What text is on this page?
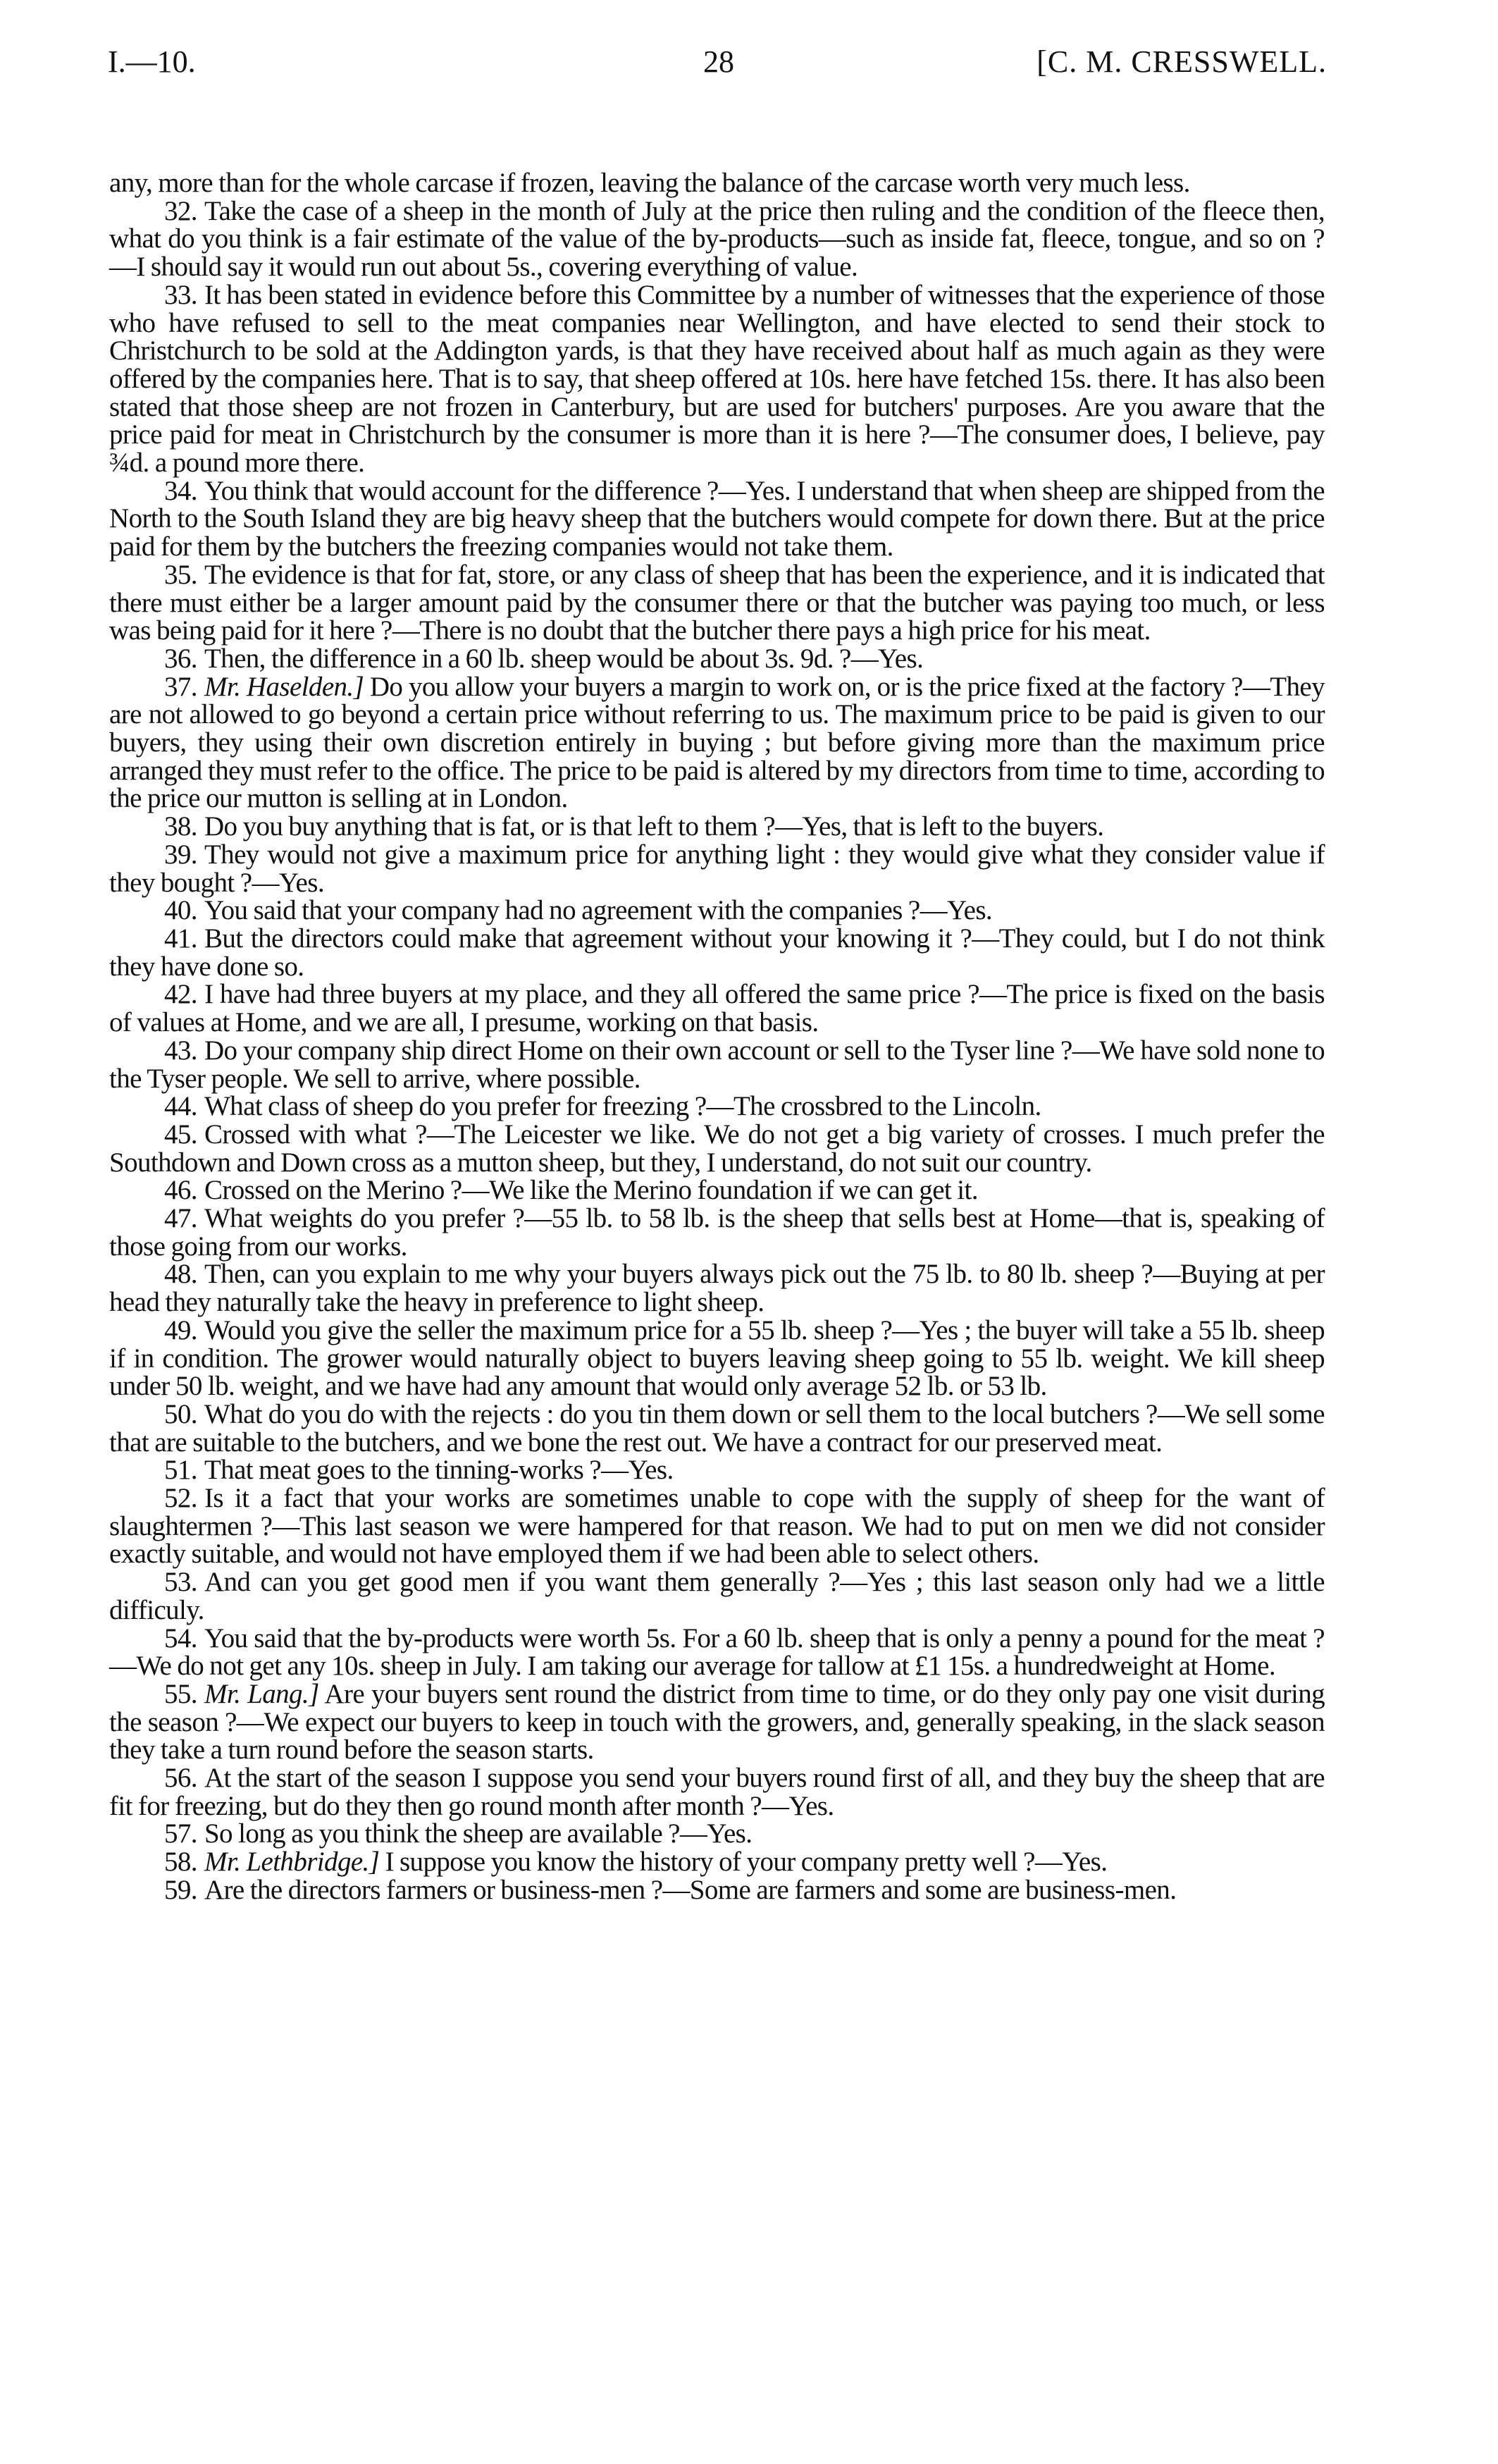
I.—10.	28	[C. M. CRESSWELL.

any, more than for the whole carcase if frozen, leaving the balance of the carcase worth very much less.

32. Take the case of a sheep in the month of July at the price then ruling and the condition of the fleece then, what do you think is a fair estimate of the value of the by-products—such as inside fat, fleece, tongue, and so on ?—I should say it would run out about 5s., covering everything of value.

33. It has been stated in evidence before this Committee by a number of witnesses that the experience of those who have refused to sell to the meat companies near Wellington, and have elected to send their stock to Christchurch to be sold at the Addington yards, is that they have received about half as much again as they were offered by the companies here. That is to say, that sheep offered at 10s. here have fetched 15s. there. It has also been stated that those sheep are not frozen in Canterbury, but are used for butchers' purposes. Are you aware that the price paid for meat in Christchurch by the consumer is more than it is here ?—The consumer does, I believe, pay ¾d. a pound more there.

34. You think that would account for the difference ?—Yes. I understand that when sheep are shipped from the North to the South Island they are big heavy sheep that the butchers would compete for down there. But at the price paid for them by the butchers the freezing companies would not take them.

35. The evidence is that for fat, store, or any class of sheep that has been the experience, and it is indicated that there must either be a larger amount paid by the consumer there or that the butcher was paying too much, or less was being paid for it here ?—There is no doubt that the butcher there pays a high price for his meat.

36. Then, the difference in a 60 lb. sheep would be about 3s. 9d. ?—Yes.

37. Mr. Haselden.] Do you allow your buyers a margin to work on, or is the price fixed at the factory ?—They are not allowed to go beyond a certain price without referring to us. The maximum price to be paid is given to our buyers, they using their own discretion entirely in buying ; but before giving more than the maximum price arranged they must refer to the office. The price to be paid is altered by my directors from time to time, according to the price our mutton is selling at in London.

38. Do you buy anything that is fat, or is that left to them ?—Yes, that is left to the buyers.

39. They would not give a maximum price for anything light : they would give what they consider value if they bought ?—Yes.

40. You said that your company had no agreement with the companies ?—Yes.

41. But the directors could make that agreement without your knowing it ?—They could, but I do not think they have done so.

42. I have had three buyers at my place, and they all offered the same price ?—The price is fixed on the basis of values at Home, and we are all, I presume, working on that basis.

43. Do your company ship direct Home on their own account or sell to the Tyser line ?—We have sold none to the Tyser people. We sell to arrive, where possible.

44. What class of sheep do you prefer for freezing ?—The crossbred to the Lincoln.

45. Crossed with what ?—The Leicester we like. We do not get a big variety of crosses. I much prefer the Southdown and Down cross as a mutton sheep, but they, I understand, do not suit our country.

46. Crossed on the Merino ?—We like the Merino foundation if we can get it.

47. What weights do you prefer ?—55 lb. to 58 lb. is the sheep that sells best at Home—that is, speaking of those going from our works.

48. Then, can you explain to me why your buyers always pick out the 75 lb. to 80 lb. sheep ?—Buying at per head they naturally take the heavy in preference to light sheep.

49. Would you give the seller the maximum price for a 55 lb. sheep ?—Yes ; the buyer will take a 55 lb. sheep if in condition. The grower would naturally object to buyers leaving sheep going to 55 lb. weight. We kill sheep under 50 lb. weight, and we have had any amount that would only average 52 lb. or 53 lb.

50. What do you do with the rejects : do you tin them down or sell them to the local butchers ?—We sell some that are suitable to the butchers, and we bone the rest out. We have a contract for our preserved meat.

51. That meat goes to the tinning-works ?—Yes.

52. Is it a fact that your works are sometimes unable to cope with the supply of sheep for the want of slaughtermen ?—This last season we were hampered for that reason. We had to put on men we did not consider exactly suitable, and would not have employed them if we had been able to select others.

53. And can you get good men if you want them generally ?—Yes ; this last season only had we a little difficuly.

54. You said that the by-products were worth 5s. For a 60 lb. sheep that is only a penny a pound for the meat ?—We do not get any 10s. sheep in July. I am taking our average for tallow at £1 15s. a hundredweight at Home.

55. Mr. Lang.] Are your buyers sent round the district from time to time, or do they only pay one visit during the season ?—We expect our buyers to keep in touch with the growers, and, generally speaking, in the slack season they take a turn round before the season starts.

56. At the start of the season I suppose you send your buyers round first of all, and they buy the sheep that are fit for freezing, but do they then go round month after month ?—Yes.

57. So long as you think the sheep are available ?—Yes.

58. Mr. Lethbridge.] I suppose you know the history of your company pretty well ?—Yes.

59. Are the directors farmers or business-men ?—Some are farmers and some are business-men.
